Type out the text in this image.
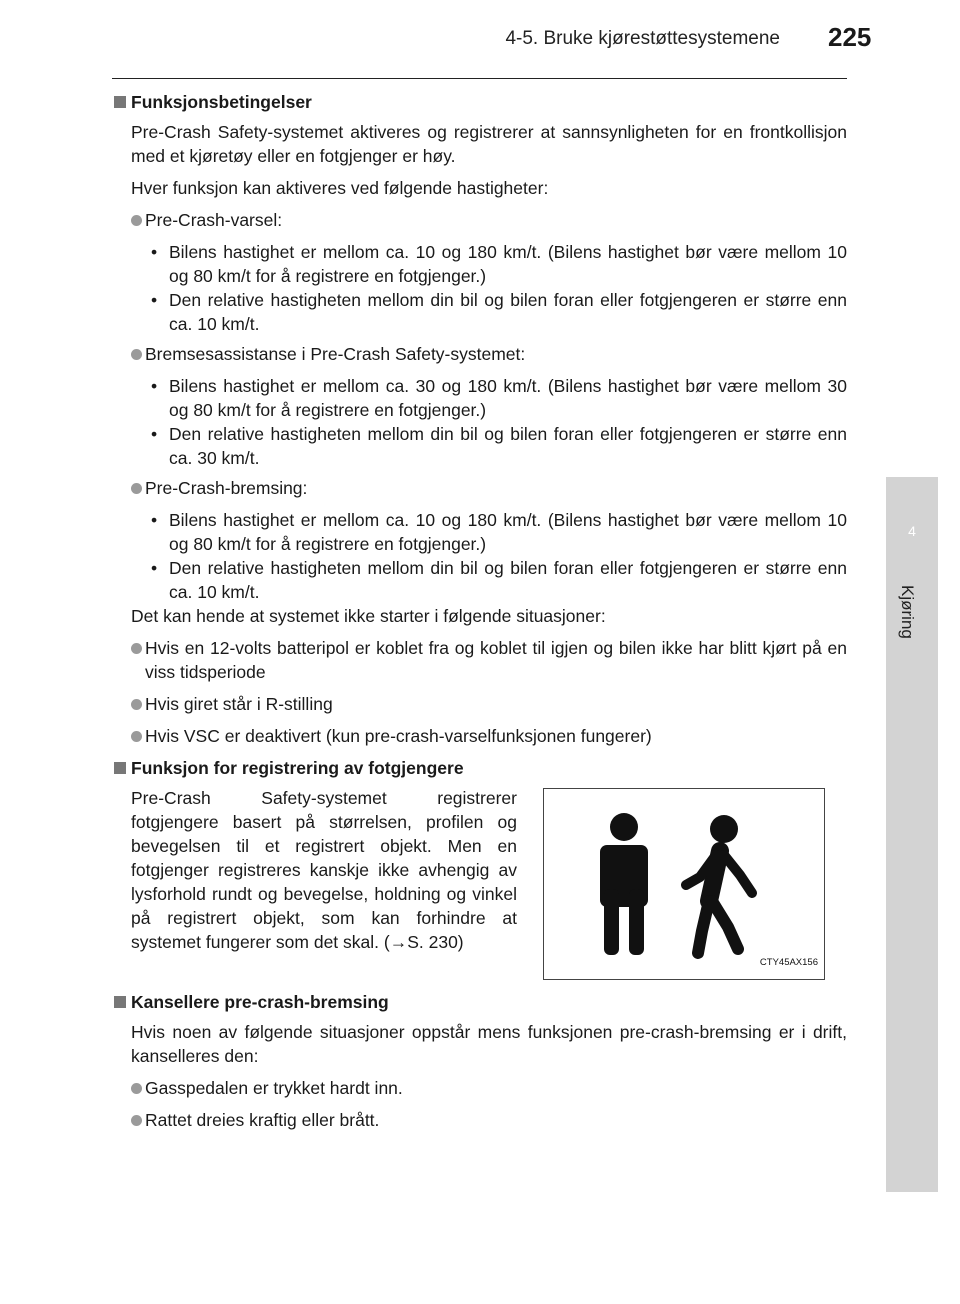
4-5. Bruke kjørestøttesystemene 225
4
Kjøring
Funksjonsbetingelser
Pre-Crash Safety-systemet aktiveres og registrerer at sannsynligheten for en frontkollisjon med et kjøretøy eller en fotgjenger er høy.
Hver funksjon kan aktiveres ved følgende hastigheter:
Pre-Crash-varsel:
• Bilens hastighet er mellom ca. 10 og 180 km/t. (Bilens hastighet bør være mellom 10 og 80 km/t for å registrere en fotgjenger.)
• Den relative hastigheten mellom din bil og bilen foran eller fotgjengeren er større enn ca. 10 km/t.
Bremsesassistanse i Pre-Crash Safety-systemet:
• Bilens hastighet er mellom ca. 30 og 180 km/t. (Bilens hastighet bør være mellom 30 og 80 km/t for å registrere en fotgjenger.)
• Den relative hastigheten mellom din bil og bilen foran eller fotgjengeren er større enn ca. 30 km/t.
Pre-Crash-bremsing:
• Bilens hastighet er mellom ca. 10 og 180 km/t. (Bilens hastighet bør være mellom 10 og 80 km/t for å registrere en fotgjenger.)
• Den relative hastigheten mellom din bil og bilen foran eller fotgjengeren er større enn ca. 10 km/t.
Det kan hende at systemet ikke starter i følgende situasjoner:
Hvis en 12-volts batteripol er koblet fra og koblet til igjen og bilen ikke har blitt kjørt på en viss tidsperiode
Hvis giret står i R-stilling
Hvis VSC er deaktivert (kun pre-crash-varselfunksjonen fungerer)
Funksjon for registrering av fotgjengere
Pre-Crash Safety-systemet registrerer fotgjengere basert på størrelsen, profilen og bevegelsen til et registrert objekt. Men en fotgjenger registreres kanskje ikke avhengig av lysforhold rundt og bevegelse, holdning og vinkel på registrert objekt, som kan forhindre at systemet fungerer som det skal. (→S. 230)
CTY45AX156
Kansellere pre-crash-bremsing
Hvis noen av følgende situasjoner oppstår mens funksjonen pre-crash-bremsing er i drift, kanselleres den:
Gasspedalen er trykket hardt inn.
Rattet dreies kraftig eller brått.
